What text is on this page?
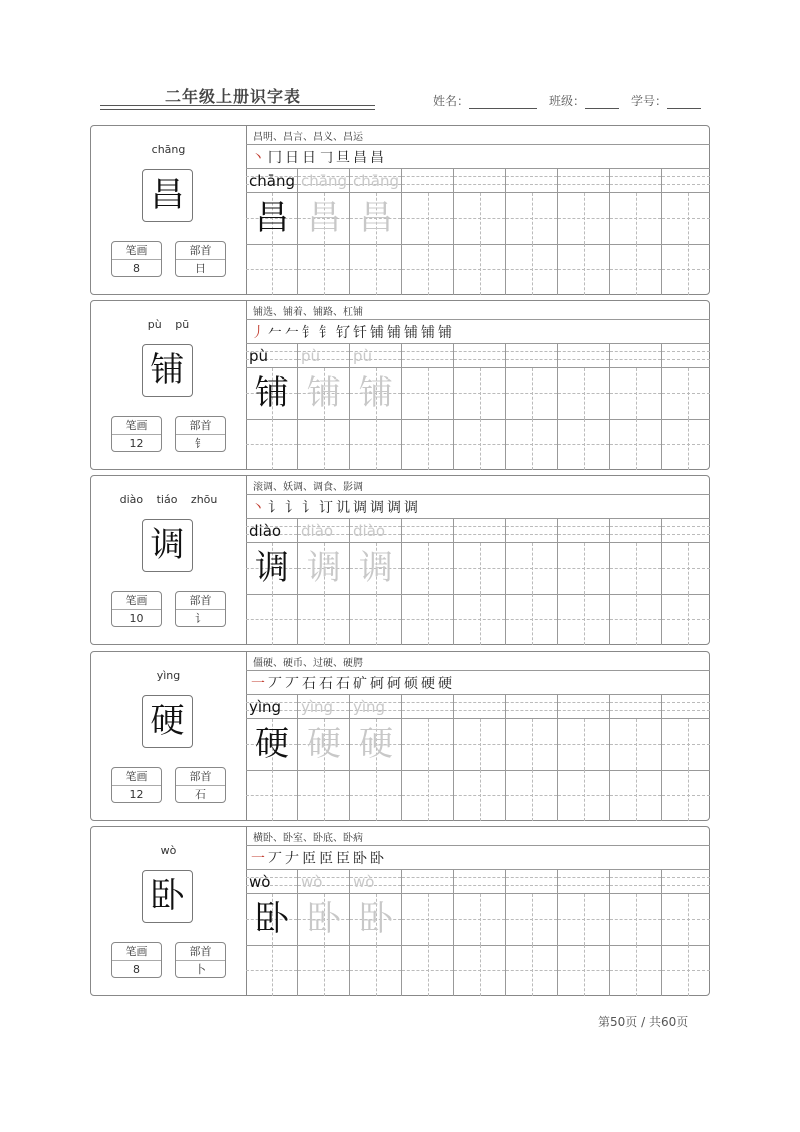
二年级上册识字表	姓名：	班级：	学号：
chāng
昌
笔画
8
部首
日
昌明、昌言、昌义、昌运
丶 冂 日 日 𠃌 旦 昌 昌
chāng chāng chāng
昌 昌 昌
pù pū
铺
笔画
12
部首
钅
铺选、铺着、铺路、杠铺
丿 𠂉 𠂉 钅 钅 钌 钎 铺 铺 铺 铺 铺
pù pù pù
铺 铺 铺
diào tiáo zhōu
调
笔画
10
部首
讠
滚调、妖调、调食、影调
丶 讠 讠 讠 订 讥 调 调 调 调
diào diào diào
调 调 调
yìng
硬
笔画
12
部首
石
僵硬、硬币、过硬、硬腭
一 丆 丆 石 石 石 矿 砢 砢 硕 硬 硬
yìng yìng yìng
硬 硬 硬
wò
卧
笔画
8
部首
卜
横卧、卧室、卧底、卧病
一 丆 𠂇 𦣝 𦣝 臣 卧 卧
wò wò wò
卧 卧 卧
第50页 / 共60页
